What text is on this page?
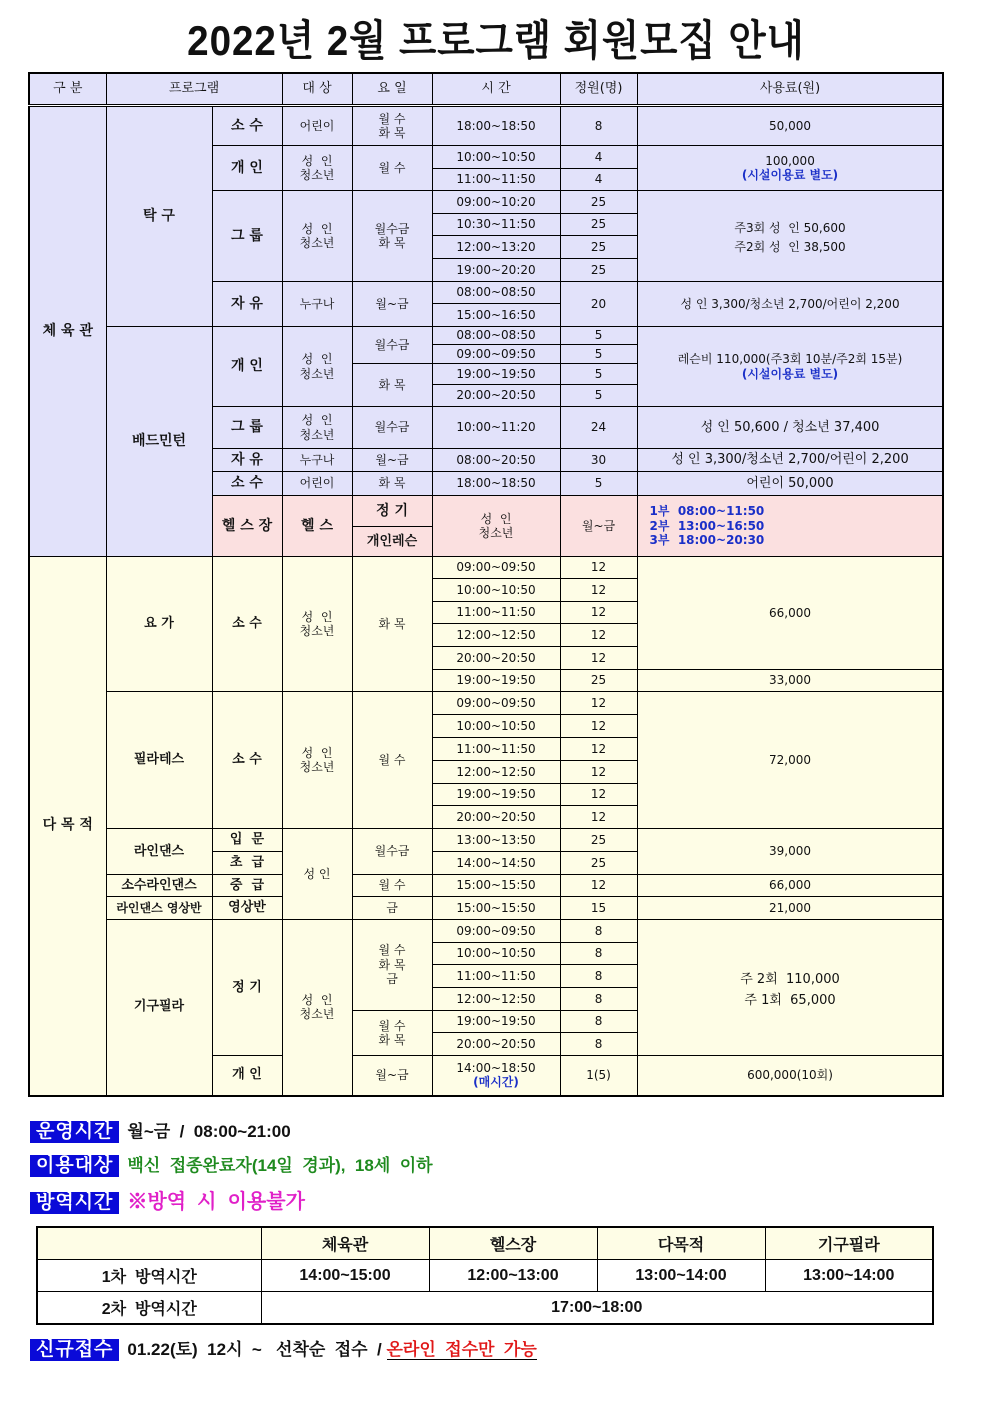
2022년 2월 프로그램 회원모집 안내
구 분	프로그램	대 상	요 일	시 간	정원(명)	사용료(원)
체 육 관	탁 구	소 수	어린이	
월 수
화 목
	18:00~18:50	8	50,000
개 인	성  인
청소년
	월 수	10:00~10:50	4	100,000
(시설이용료 별도)

11:00~11:50	4
그 룹	성  인
청소년

월수금
화 목
	09:00~10:20	25	
주3회 성  인 50,600
주2회 성  인 38,500

10:30~11:50	25
12:00~13:20	25
19:00~20:20	25
자 유	누구나	월~금	08:00~08:50	20	성 인 3,300/청소년 2,700/어린이 2,200
15:00~16:50
배드민턴	개 인	성  인
청소년
	월수금	08:00~08:50	5	
레슨비 110,000(주3회 10분/주2회 15분)
(시설이용료 별도)

09:00~09:50	5
화 목	19:00~19:50	5
20:00~20:50	5
그 룹	성  인
청소년
	월수금	10:00~11:20	24	성 인 50,600 / 청소년 37,400
자 유	누구나	월~금	08:00~20:50	30	성 인 3,300/청소년 2,700/어린이 2,200
소 수	어린이	화 목	18:00~18:50	5	어린이 50,000
헬 스 장	헬 스	정 기	
성  인
청소년
	월~금	
1부  08:00~11:50
2부  13:00~16:50
3부  18:00~20:30

개인레슨		

다 목 적	요 가	소 수	성  인
청소년
	화 목	09:00~09:50	12	66,000
10:00~10:50	12
11:00~11:50	12
12:00~12:50	12
20:00~20:50	12
19:00~19:50	25	33,000
필라테스	소 수	성  인
청소년
	월 수	09:00~09:50	12	72,000
10:00~10:50	12
11:00~11:50	12
12:00~12:50	12
19:00~19:50	12
20:00~20:50	12
라인댄스	입  문	성 인	월수금	13:00~13:50	25	39,000
초  급	14:00~14:50	25
소수라인댄스	중  급	월 수	15:00~15:50	12	66,000
라인댄스 영상반	영상반	금	15:00~15:50	15	21,000
기구필라	정 기	
성  인
청소년

월 수
화 목
금
	09:00~09:50	8	
주 2회  110,000
주 1회  65,000

10:00~10:50	8
11:00~11:50	8
12:00~12:50	8

월 수
화 목
	19:00~19:50	8
20:00~20:50	8
개 인	월~금	
14:00~18:50
(매시간)
	1(5)	600,000(10회)
운영시간 월~금  /  08:00~21:00
이용대상 백신  접종완료자(14일  경과),  18세  이하
방역시간 ※방역  시  이용불가
	체육관	헬스장	다목적	기구필라
1차  방역시간	14:00~15:00	12:00~13:00	13:00~14:00	13:00~14:00
2차  방역시간	17:00~18:00
신규접수 01.22(토)  12시  ~   선착순  접수  / 온라인  접수만  가능
